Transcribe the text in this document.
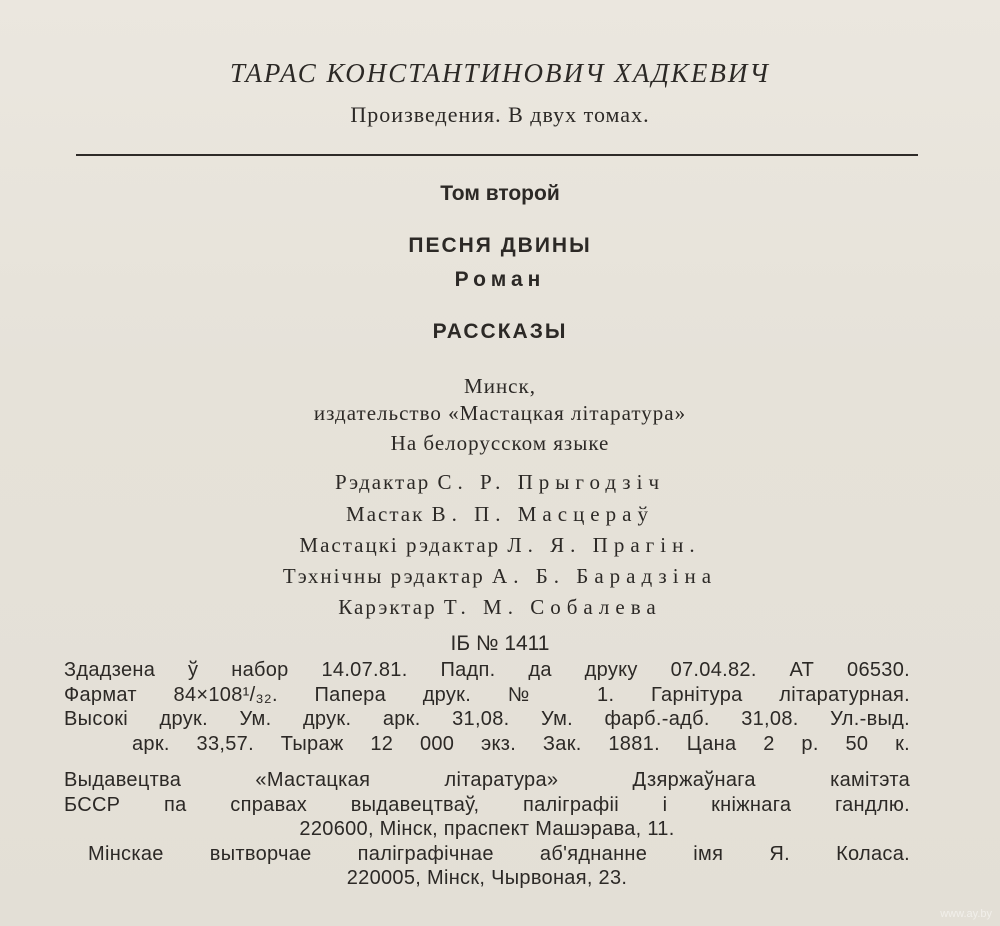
ТАРАС КОНСТАНТИНОВИЧ ХАДКЕВИЧ
Произведения. В двух томах.
Том второй
ПЕСНЯ ДВИНЫ
Роман
РАССКАЗЫ
Минск,
издательство «Мастацкая літаратура»
На белорусском языке
Рэдактар С. Р. Прыгодзіч
Мастак В. П. Масцераў
Мастацкі рэдактар Л. Я. Прагін.
Тэхнічны рэдактар А. Б. Барадзіна
Карэктар Т. М. Собалева
ІБ № 1411
Здадзена ў набор 14.07.81. Падп. да друку 07.04.82. АТ 06530.
Фармат 84×108¹/₃₂. Папера друк. № 1. Гарнітура літаратурная.
Высокі друк. Ум. друк. арк. 31,08. Ум. фарб.-адб. 31,08. Ул.-выд.
арк. 33,57. Тыраж 12 000 экз. Зак. 1881. Цана 2 р. 50 к.
Выдавецтва «Мастацкая літаратура» Дзяржаўнага камітэта
БССР па справах выдавецтваў, паліграфіі і кніжнага гандлю.
220600, Мінск, праспект Машэрава, 11.
Мінскае вытворчае паліграфічнае аб'яднанне імя Я. Коласа.
220005, Мінск, Чырвоная, 23.
www.ay.by
